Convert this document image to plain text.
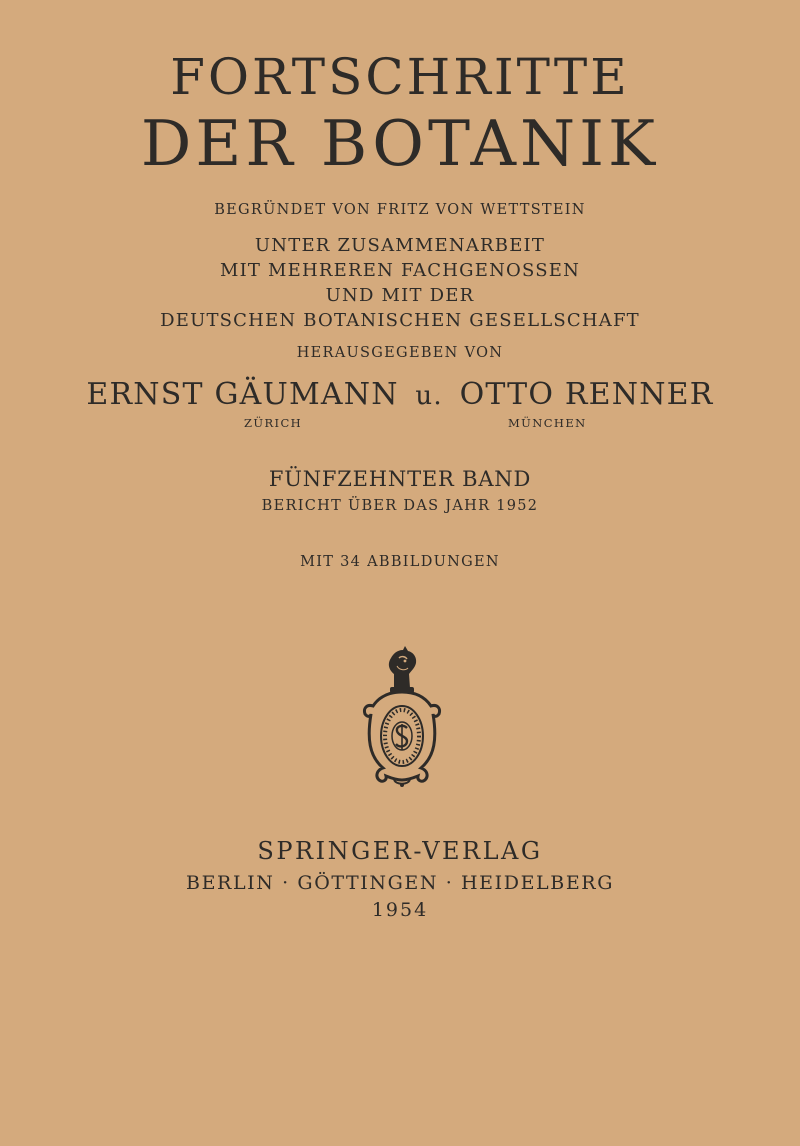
FORTSCHRITTE
DER BOTANIK
BEGRÜNDET VON FRITZ VON WETTSTEIN
UNTER ZUSAMMENARBEIT
MIT MEHREREN FACHGENOSSEN
UND MIT DER
DEUTSCHEN BOTANISCHEN GESELLSCHAFT
HERAUSGEGEBEN VON
ERNST GÄUMANN u. OTTO RENNER
ZÜRICH	MÜNCHEN
FÜNFZEHNTER BAND
BERICHT ÜBER DAS JAHR 1952
MIT 34 ABBILDUNGEN
SPRINGER-VERLAG
BERLIN · GÖTTINGEN · HEIDELBERG
1954
